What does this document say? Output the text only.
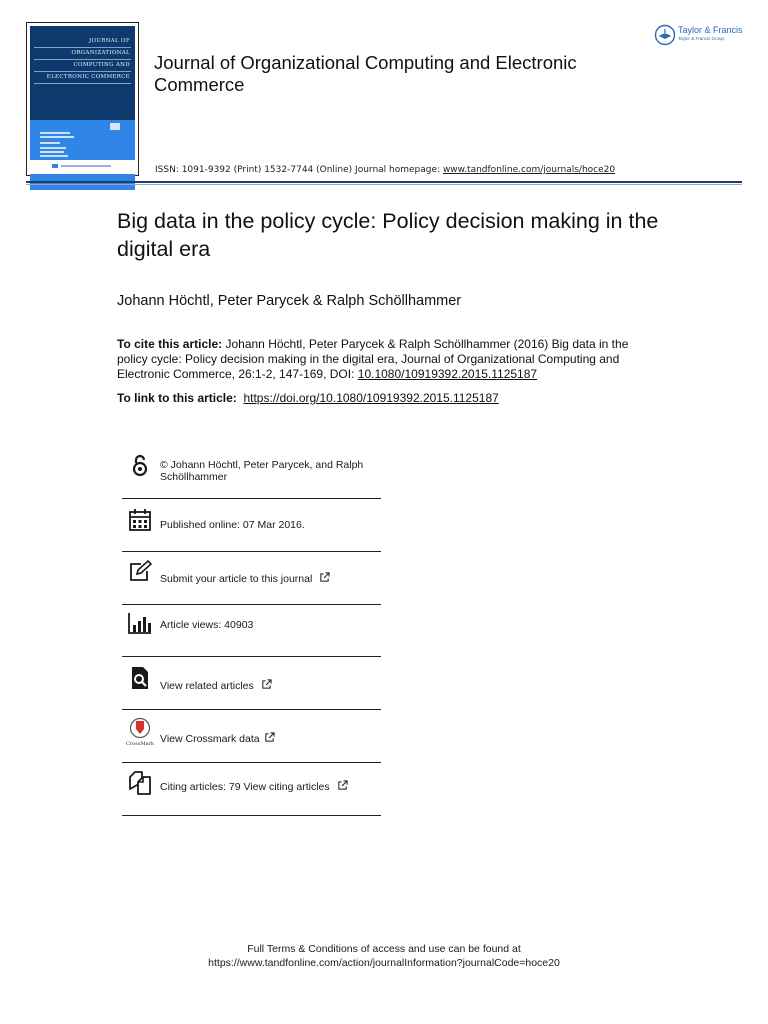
JOURNAL OF
ORGANIZATIONAL
COMPUTING AND
ELECTRONIC COMMERCE
Journal of Organizational Computing and Electronic Commerce
ISSN: 1091-9392 (Print) 1532-7744 (Online) Journal homepage: www.tandfonline.com/journals/hoce20
Taylor & Francis
Taylor & Francis Group
Big data in the policy cycle: Policy decision making in the digital era
Johann Höchtl, Peter Parycek & Ralph Schöllhammer
To cite this article: Johann Höchtl, Peter Parycek & Ralph Schöllhammer (2016) Big data in the policy cycle: Policy decision making in the digital era, Journal of Organizational Computing and Electronic Commerce, 26:1-2, 147-169, DOI: 10.1080/10919392.2015.1125187
To link to this article: https://doi.org/10.1080/10919392.2015.1125187
© Johann Höchtl, Peter Parycek, and Ralph Schöllhammer
Published online: 07 Mar 2016.
Submit your article to this journal
Article views: 40903
View related articles
CrossMark View Crossmark data
Citing articles: 79 View citing articles
Full Terms & Conditions of access and use can be found at
https://www.tandfonline.com/action/journalInformation?journalCode=hoce20
